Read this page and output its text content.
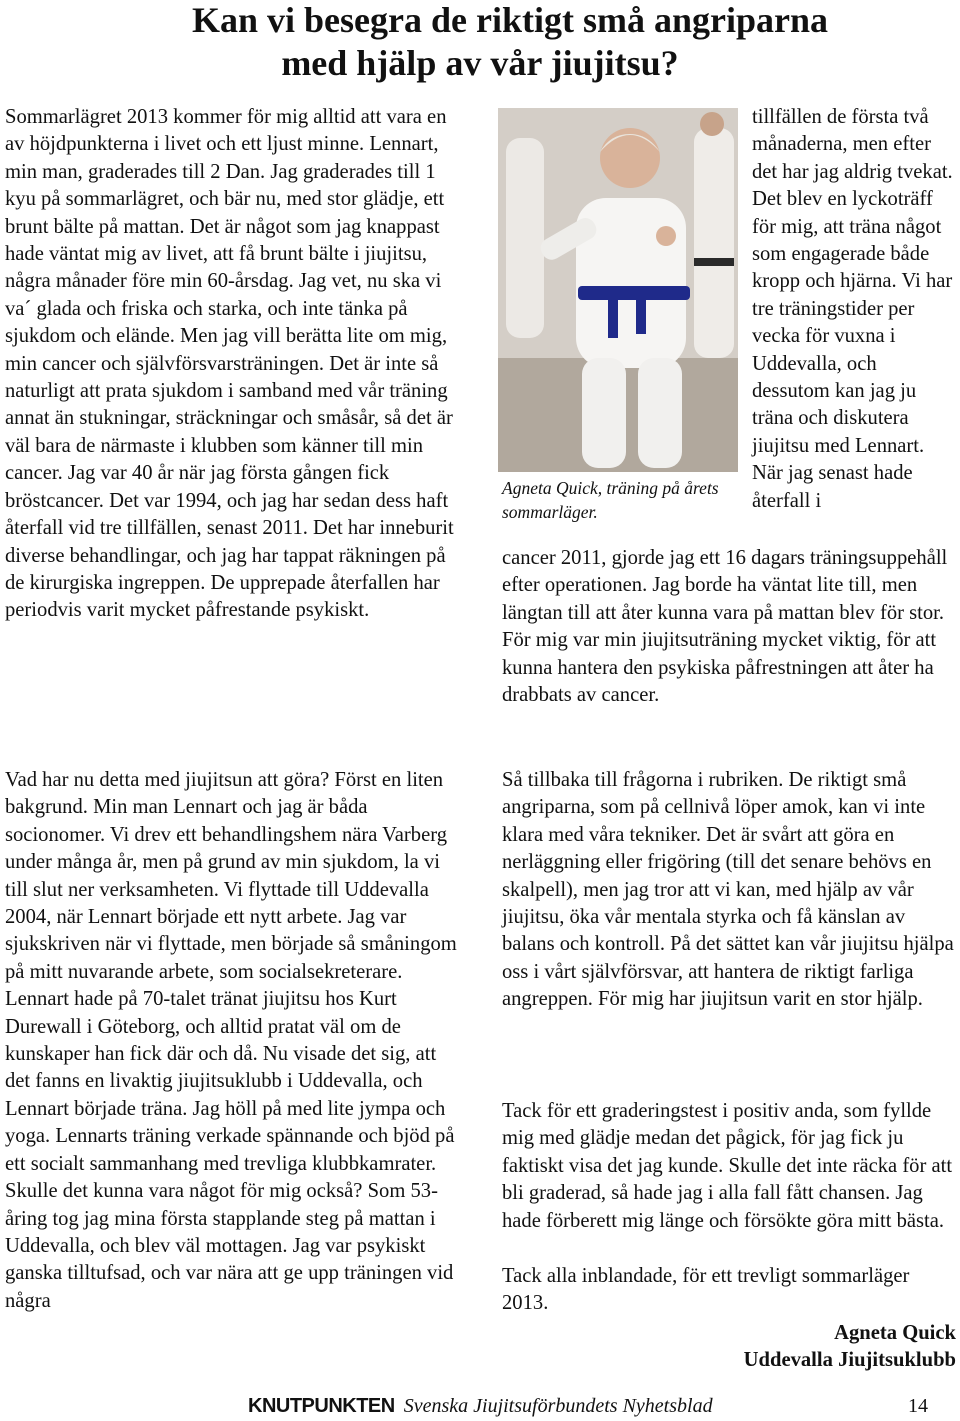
Kan vi besegra de riktigt små angriparna
med hjälp av vår jiujitsu?

Sommarlägret 2013 kommer för mig alltid att vara en av höjdpunkterna i livet och ett ljust minne. Lennart, min man, graderades till 2 Dan. Jag graderades till 1 kyu på sommarlägret, och bär nu, med stor glädje, ett brunt bälte på mattan. Det är något som jag knappast hade väntat mig av livet, att få brunt bälte i jiujitsu, några månader före min 60-årsdag. Jag vet, nu ska vi va´ glada och friska och starka, och inte tänka på sjukdom och elände. Men jag vill berätta lite om mig, min cancer och självförsvarsträningen. Det är inte så naturligt att prata sjukdom i samband med vår träning annat än stukningar, sträckningar och småsår, så det är väl bara de närmaste i klubben som känner till min cancer. Jag var 40 år när jag första gången fick bröstcancer. Det var 1994, och jag har sedan dess haft återfall vid tre tillfällen, senast 2011. Det har inneburit diverse behandlingar, och jag har tappat räkningen på de kirurgiska ingreppen. De upprepade återfallen har periodvis varit mycket påfrestande psykiskt.

Vad har nu detta med jiujitsun att göra? Först en liten bakgrund. Min man Lennart och jag är båda socionomer. Vi drev ett behandlingshem nära Varberg under många år, men på grund av min sjukdom, la vi till slut ner verksamheten. Vi flyttade till Uddevalla 2004, när Lennart började ett nytt arbete. Jag var sjukskriven när vi flyttade, men började så småningom på mitt nuvarande arbete, som socialsekreterare. Lennart hade på 70-talet tränat jiujitsu hos Kurt Durewall i Göteborg, och alltid pratat väl om de kunskaper han fick där och då. Nu visade det sig, att det fanns en livaktig jiujitsuklubb i Uddevalla, och Lennart började träna. Jag höll på med lite jympa och yoga. Lennarts träning verkade spännande och bjöd på ett socialt sammanhang med trevliga klubbkamrater. Skulle det kunna vara något för mig också? Som 53-åring tog jag mina första stapplande steg på mattan i Uddevalla, och blev väl mottagen. Jag var psykiskt ganska tilltufsad, och var nära att ge upp träningen vid några

Agneta Quick, träning på årets sommarläger.

tillfällen de första två månaderna, men efter det har jag aldrig tvekat. Det blev en lyckoträff för mig, att träna något som engagerade både kropp och hjärna. Vi har tre träningstider per vecka för vuxna i Uddevalla, och dessutom kan jag ju träna och diskutera jiujitsu med Lennart. När jag senast hade återfall i

cancer 2011, gjorde jag ett 16 dagars träningsuppehåll efter operationen. Jag borde ha väntat lite till, men längtan till att åter kunna vara på mattan blev för stor. För mig var min jiujitsuträning mycket viktig, för att kunna hantera den psykiska påfrestningen att åter ha drabbats av cancer.

Så tillbaka till frågorna i rubriken. De riktigt små angriparna, som på cellnivå löper amok, kan vi inte klara med våra tekniker. Det är svårt att göra en nerläggning eller frigöring (till det senare behövs en skalpell), men jag tror att vi kan, med hjälp av vår jiujitsu, öka vår mentala styrka och få känslan av balans och kontroll. På det sättet kan vår jiujitsu hjälpa oss i vårt självförsvar, att hantera de riktigt farliga angreppen. För mig har jiujitsun varit en stor hjälp.

Tack för ett graderingstest i positiv anda, som fyllde mig med glädje medan det pågick, för jag fick ju faktiskt visa det jag kunde. Skulle det inte räcka för att bli graderad, så hade jag i alla fall fått chansen. Jag hade förberett mig länge och försökte göra mitt bästa.

Tack alla inblandade, för ett trevligt sommarläger 2013.

Agneta Quick
Uddevalla Jiujitsuklubb
KNUTPUNKTEN Svenska Jiujitsuförbundets Nyhetsblad	14
